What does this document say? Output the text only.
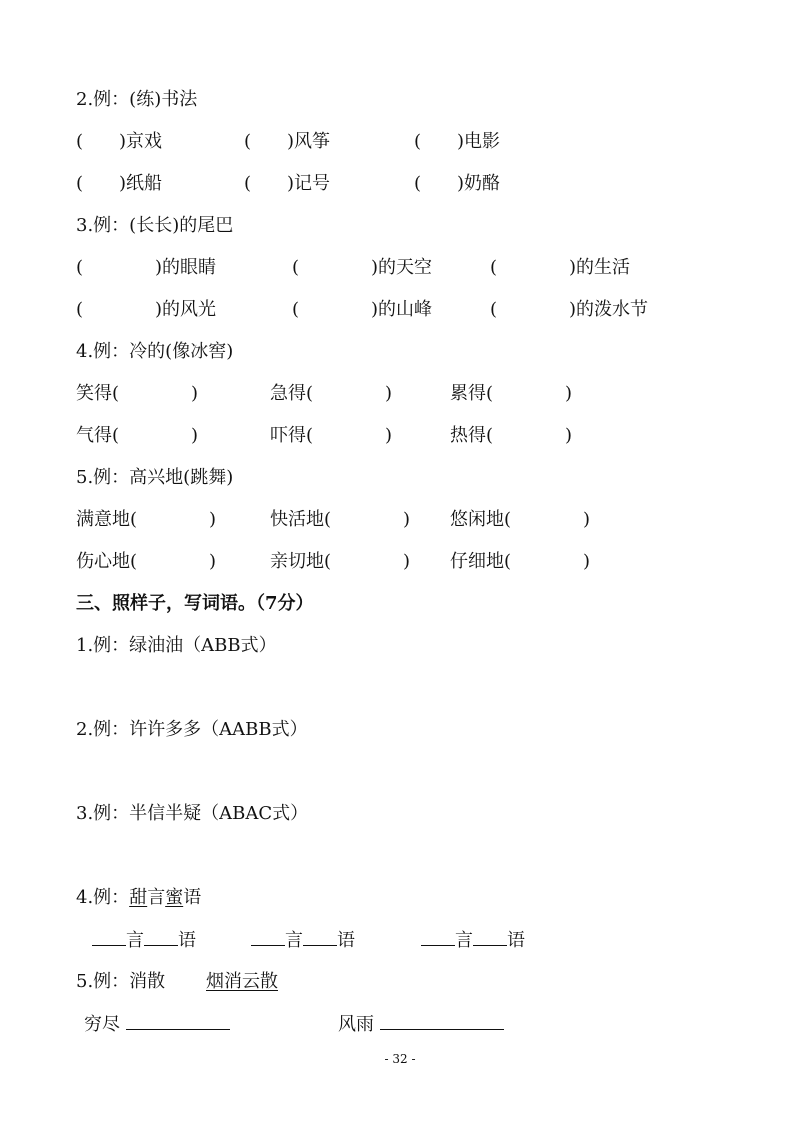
2.例：(练)书法
(　　)京戏	(　　)风筝	(　　)电影
(　　)纸船	(　　)记号	(　　)奶酪
3.例：(长长)的尾巴
(　　　　)的眼睛	(　　　　)的天空	(　　　　)的生活
(　　　　)的风光	(　　　　)的山峰	(　　　　)的泼水节
4.例：冷的(像冰窖)
笑得(　　　　)	急得(　　　　)	累得(　　　　)
气得(　　　　)	吓得(　　　　)	热得(　　　　)
5.例：高兴地(跳舞)
满意地(　　　　)	快活地(　　　　) 悠闲地(　　　　)
伤心地(　　　　)	亲切地(　　　　) 仔细地(　　　　)
三、照样子，写词语。（7分）
1.例：绿油油（ABB式）
2.例：许许多多（AABB式）
3.例：半信半疑（ABAC式）
4.例：甜言蜜语
言 语	言 语	言 语
5.例：消散 烟消云散
穷尽	风雨
- 32 -
